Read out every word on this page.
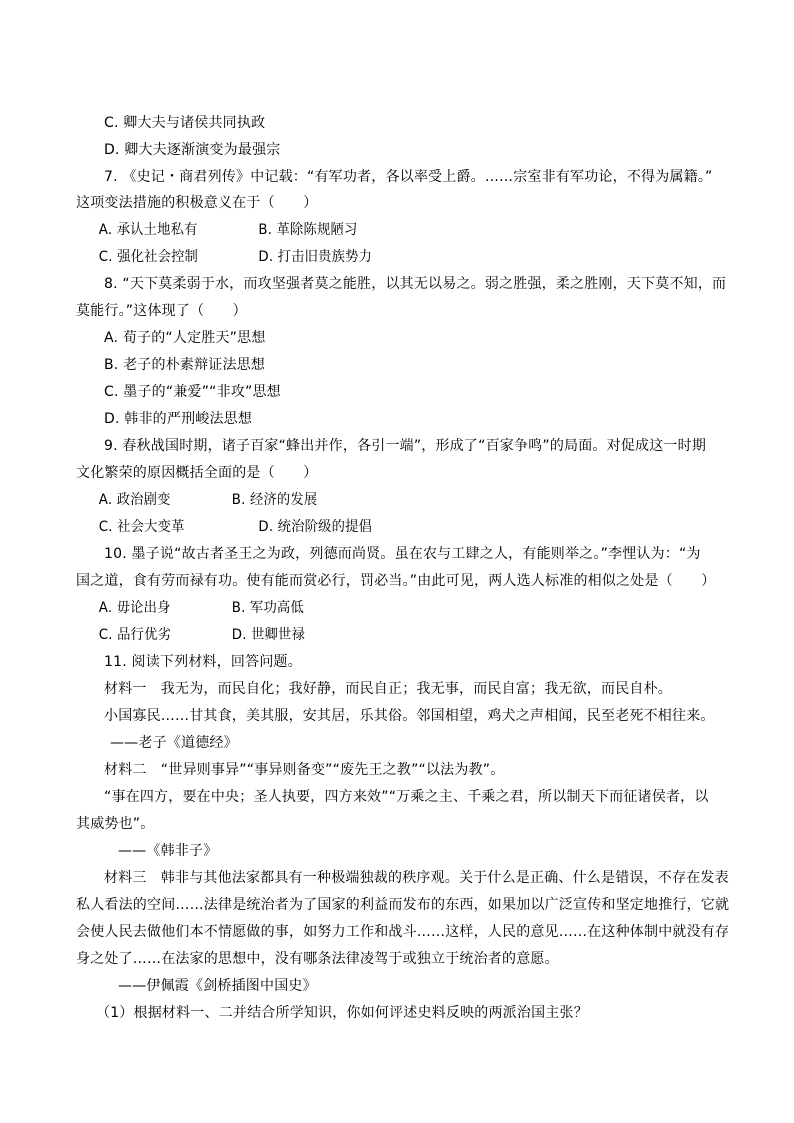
C. 卿大夫与诸侯共同执政
D. 卿大夫逐渐演变为最强宗
7. 《史记・商君列传》中记载：“有军功者，各以率受上爵。……宗室非有军功论，不得为属籍。”
这项变法措施的积极意义在于（　　）
A. 承认土地私有	B. 革除陈规陋习
C. 强化社会控制	D. 打击旧贵族势力
8. “天下莫柔弱于水，而攻坚强者莫之能胜，以其无以易之。弱之胜强，柔之胜刚，天下莫不知，而
莫能行。”这体现了（　　）
A. 荀子的“人定胜天”思想
B. 老子的朴素辩证法思想
C. 墨子的“兼爱”“非攻”思想
D. 韩非的严刑峻法思想
9. 春秋战国时期，诸子百家“蜂出并作，各引一端”，形成了“百家争鸣”的局面。对促成这一时期
文化繁荣的原因概括全面的是（　　）
A. 政治剧变	B. 经济的发展
C. 社会大变革	D. 统治阶级的提倡
10. 墨子说“故古者圣王之为政，列德而尚贤。虽在农与工肆之人，有能则举之。”李悝认为：“为
国之道，食有劳而禄有功。使有能而赏必行，罚必当。”由此可见，两人选人标准的相似之处是（　　）
A. 毋论出身	B. 军功高低
C. 品行优劣	D. 世卿世禄
11. 阅读下列材料，回答问题。
材料一　我无为，而民自化；我好静，而民自正；我无事，而民自富；我无欲，而民自朴。
小国寡民……甘其食，美其服，安其居，乐其俗。邻国相望，鸡犬之声相闻，民至老死不相往来。
——老子《道德经》
材料二　“世异则事异”“事异则备变”“废先王之教”“以法为教”。
“事在四方，要在中央；圣人执要，四方来效”“万乘之主、千乘之君，所以制天下而征诸侯者，以
其威势也”。
——《韩非子》
材料三　韩非与其他法家都具有一种极端独裁的秩序观。关于什么是正确、什么是错误，不存在发表
私人看法的空间……法律是统治者为了国家的利益而发布的东西，如果加以广泛宣传和坚定地推行，它就
会使人民去做他们本不情愿做的事，如努力工作和战斗……这样，人民的意见……在这种体制中就没有存
身之处了……在法家的思想中，没有哪条法律凌驾于或独立于统治者的意愿。
——伊佩霞《剑桥插图中国史》
（1）根据材料一、二并结合所学知识，你如何评述史料反映的两派治国主张？
